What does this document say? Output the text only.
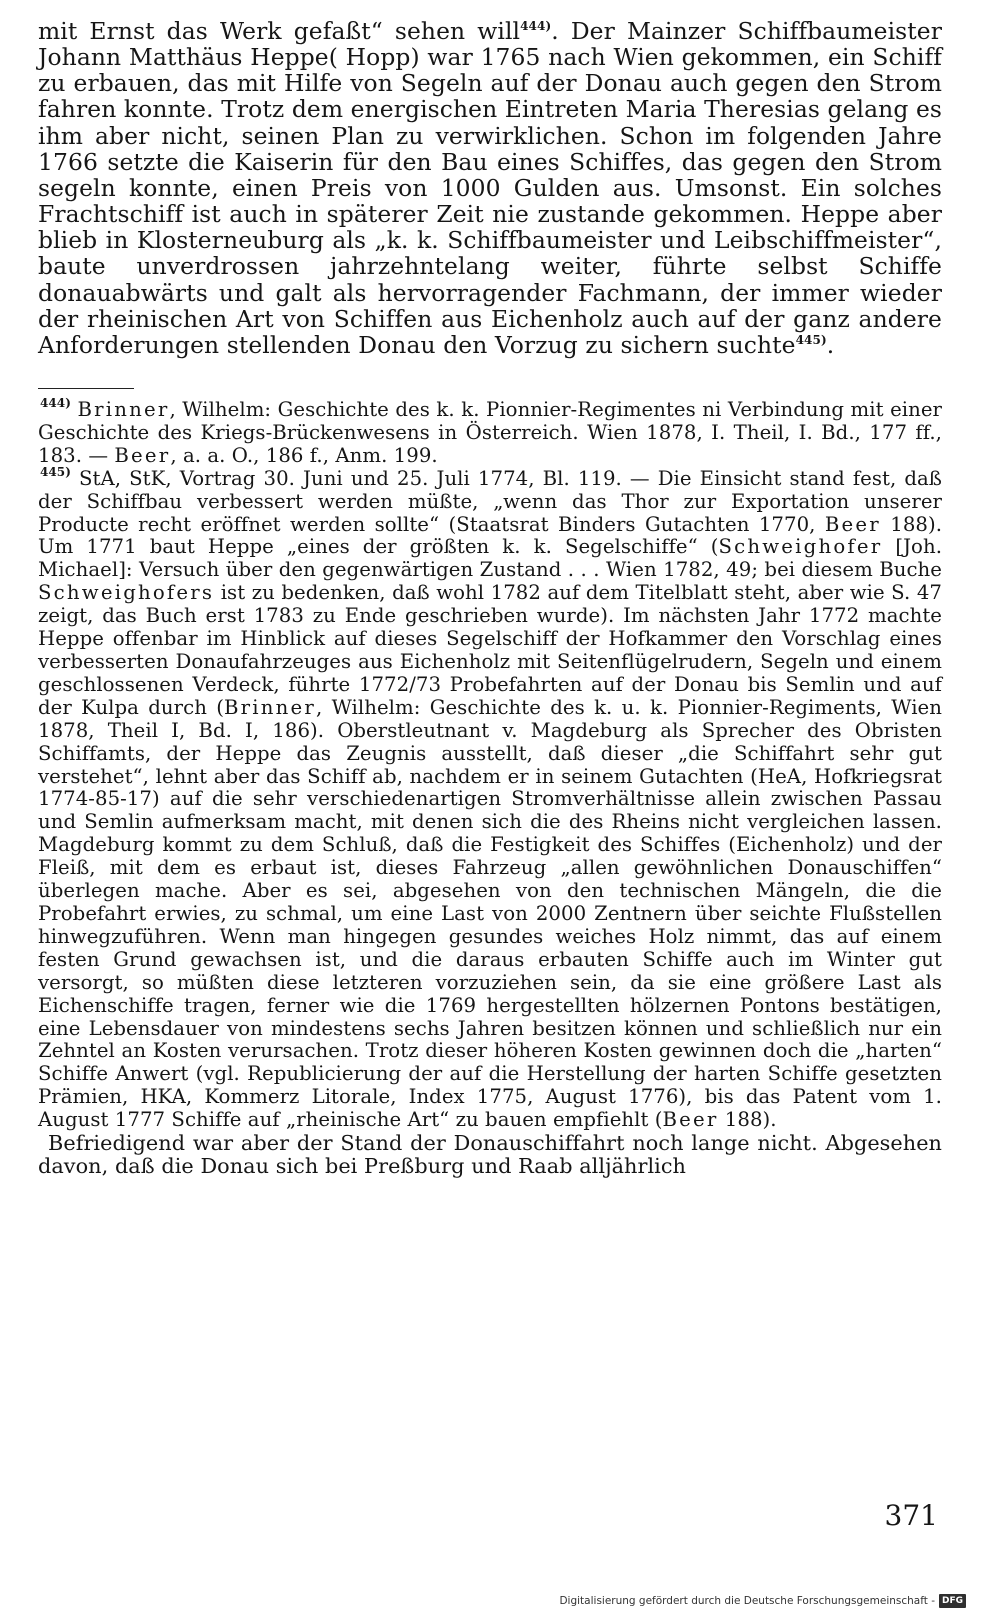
mit Ernst das Werk gefaßt“ sehen will$^{444)}$. Der Mainzer Schiffbaumeister Johann Matthäus Heppe( Hopp) war 1765 nach Wien gekommen, ein Schiff zu erbauen, das mit Hilfe von Segeln auf der Donau auch gegen den Strom fahren konnte. Trotz dem energischen Eintreten Maria Theresias gelang es ihm aber nicht, seinen Plan zu verwirklichen. Schon im folgenden Jahre 1766 setzte die Kaiserin für den Bau eines Schiffes, das gegen den Strom segeln konnte, einen Preis von 1000 Gulden aus. Umsonst. Ein solches Frachtschiff ist auch in späterer Zeit nie zustande gekommen. Heppe aber blieb in Klosterneuburg als „k. k. Schiffbaumeister und Leibschiffmeister“, baute unverdrossen jahrzehntelang weiter, führte selbst Schiffe donauabwärts und galt als hervorragender Fachmann, der immer wieder der rheinischen Art von Schiffen aus Eichenholz auch auf der ganz andere Anforderungen stellenden Donau den Vorzug zu sichern suchte$^{445)}$.

$^{444)}$ Brinner, Wilhelm: Geschichte des k. k. Pionnier-Regimentes ni Verbindung mit einer Geschichte des Kriegs-Brückenwesens in Österreich. Wien 1878, I. Theil, I. Bd., 177 ff., 183. — Beer, a. a. O., 186 f., Anm. 199.

$^{445)}$ StA, StK, Vortrag 30. Juni und 25. Juli 1774, Bl. 119. — Die Einsicht stand fest, daß der Schiffbau verbessert werden müßte, „wenn das Thor zur Exportation unserer Producte recht eröffnet werden sollte“ (Staatsrat Binders Gutachten 1770, Beer 188). Um 1771 baut Heppe „eines der größten k. k. Segelschiffe“ (Schweighofer [Joh. Michael]: Versuch über den gegenwärtigen Zustand . . . Wien 1782, 49; bei diesem Buche Schweighofers ist zu bedenken, daß wohl 1782 auf dem Titelblatt steht, aber wie S. 47 zeigt, das Buch erst 1783 zu Ende geschrieben wurde). Im nächsten Jahr 1772 machte Heppe offenbar im Hinblick auf dieses Segelschiff der Hofkammer den Vorschlag eines verbesserten Donaufahrzeuges aus Eichenholz mit Seitenflügelrudern, Segeln und einem geschlossenen Verdeck, führte 1772/73 Probefahrten auf der Donau bis Semlin und auf der Kulpa durch (Brinner, Wilhelm: Geschichte des k. u. k. Pionnier-Regiments, Wien 1878, Theil I, Bd. I, 186). Oberstleutnant v. Magdeburg als Sprecher des Obristen Schiffamts, der Heppe das Zeugnis ausstellt, daß dieser „die Schiffahrt sehr gut verstehet“, lehnt aber das Schiff ab, nachdem er in seinem Gutachten (HeA, Hofkriegsrat 1774-85-17) auf die sehr verschiedenartigen Stromverhältnisse allein zwischen Passau und Semlin aufmerksam macht, mit denen sich die des Rheins nicht vergleichen lassen. Magdeburg kommt zu dem Schluß, daß die Festigkeit des Schiffes (Eichenholz) und der Fleiß, mit dem es erbaut ist, dieses Fahrzeug „allen gewöhnlichen Donauschiffen“ überlegen mache. Aber es sei, abgesehen von den technischen Mängeln, die die Probefahrt erwies, zu schmal, um eine Last von 2000 Zentnern über seichte Flußstellen hinwegzuführen. Wenn man hingegen gesundes weiches Holz nimmt, das auf einem festen Grund gewachsen ist, und die daraus erbauten Schiffe auch im Winter gut versorgt, so müßten diese letzteren vorzuziehen sein, da sie eine größere Last als Eichenschiffe tragen, ferner wie die 1769 hergestellten hölzernen Pontons bestätigen, eine Lebensdauer von mindestens sechs Jahren besitzen können und schließlich nur ein Zehntel an Kosten verursachen. Trotz dieser höheren Kosten gewinnen doch die „harten“ Schiffe Anwert (vgl. Republicierung der auf die Herstellung der harten Schiffe gesetzten Prämien, HKA, Kommerz Litorale, Index 1775, August 1776), bis das Patent vom 1. August 1777 Schiffe auf „rheinische Art“ zu bauen empfiehlt (Beer 188).

Befriedigend war aber der Stand der Donauschiffahrt noch lange nicht. Abgesehen davon, daß die Donau sich bei Preßburg und Raab alljährlich

371

Digitalisierung gefördert durch die Deutsche Forschungsgemeinschaft - DFG
